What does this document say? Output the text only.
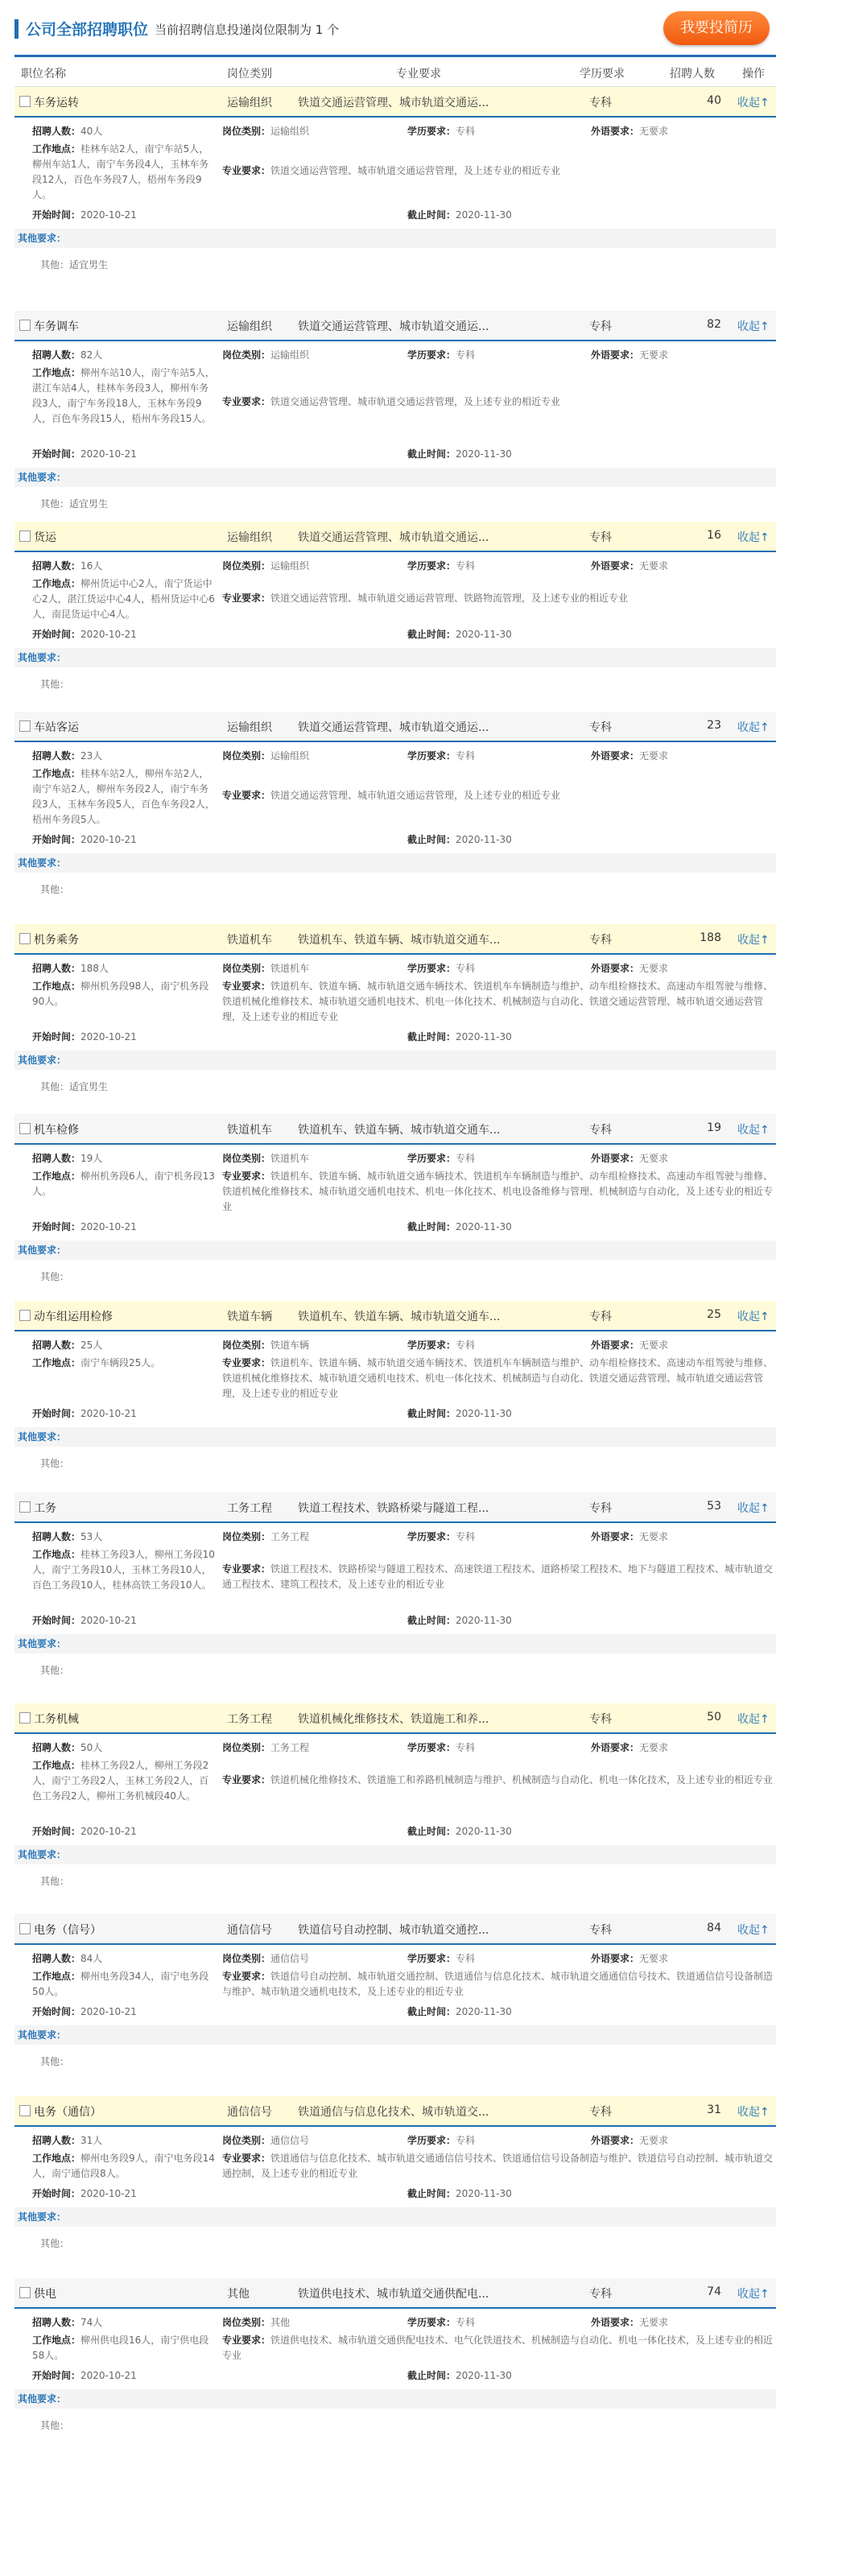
公司全部招聘职位 当前招聘信息投递岗位限制为 1 个	我要投简历
职位名称	岗位类别	专业要求	学历要求	招聘人数 操作
车务运转	运输组织 铁道交通运营管理、城市轨道交通运...	专科	40 收起↑
招聘人数：40人	岗位类别：运输组织	学历要求：专科	外语要求：无要求
工作地点：桂林车站2人，南宁车站5人，柳州车站1人，南宁车务段4人，玉林车务段12人，百色车务段7人，梧州车务段9人。
专业要求：铁道交通运营管理、城市轨道交通运营管理，及上述专业的相近专业
开始时间：2020-10-21	截止时间：2020-11-30
其他要求：
其他：适宜男生
车务调车	运输组织 铁道交通运营管理、城市轨道交通运...	专科	82 收起↑
招聘人数：82人	岗位类别：运输组织	学历要求：专科	外语要求：无要求
工作地点：柳州车站10人，南宁车站5人，湛江车站4人，桂林车务段3人，柳州车务段3人，南宁车务段18人，玉林车务段9人，百色车务段15人，梧州车务段15人。
专业要求：铁道交通运营管理、城市轨道交通运营管理，及上述专业的相近专业
开始时间：2020-10-21	截止时间：2020-11-30
其他要求：
其他：适宜男生
货运	运输组织 铁道交通运营管理、城市轨道交通运...	专科	16 收起↑
招聘人数：16人	岗位类别：运输组织	学历要求：专科	外语要求：无要求
工作地点：柳州货运中心2人，南宁货运中心2人，湛江货运中心4人，梧州货运中心6人，南昆货运中心4人。
专业要求：铁道交通运营管理、城市轨道交通运营管理、铁路物流管理，及上述专业的相近专业
开始时间：2020-10-21	截止时间：2020-11-30
其他要求：
其他：
车站客运	运输组织 铁道交通运营管理、城市轨道交通运...	专科	23 收起↑
招聘人数：23人	岗位类别：运输组织	学历要求：专科	外语要求：无要求
工作地点：桂林车站2人，柳州车站2人，南宁车站2人，柳州车务段2人，南宁车务段3人，玉林车务段5人，百色车务段2人，梧州车务段5人。
专业要求：铁道交通运营管理、城市轨道交通运营管理，及上述专业的相近专业
开始时间：2020-10-21	截止时间：2020-11-30
其他要求：
其他：
机务乘务	铁道机车 铁道机车、铁道车辆、城市轨道交通车...	专科	188 收起↑
招聘人数：188人	岗位类别：铁道机车	学历要求：专科	外语要求：无要求
工作地点：柳州机务段98人，南宁机务段90人。
专业要求：铁道机车、铁道车辆、城市轨道交通车辆技术、铁道机车车辆制造与维护、动车组检修技术、高速动车组驾驶与维修、铁道机械化维修技术、城市轨道交通机电技术、机电一体化技术、机械制造与自动化、铁道交通运营管理、城市轨道交通运营管理，及上述专业的相近专业
开始时间：2020-10-21	截止时间：2020-11-30
其他要求：
其他：适宜男生
机车检修	铁道机车 铁道机车、铁道车辆、城市轨道交通车...	专科	19 收起↑
招聘人数：19人	岗位类别：铁道机车	学历要求：专科	外语要求：无要求
工作地点：柳州机务段6人，南宁机务段13人。
专业要求：铁道机车、铁道车辆、城市轨道交通车辆技术、铁道机车车辆制造与维护、动车组检修技术、高速动车组驾驶与维修、铁道机械化维修技术、城市轨道交通机电技术、机电一体化技术、机电设备维修与管理、机械制造与自动化，及上述专业的相近专业
开始时间：2020-10-21	截止时间：2020-11-30
其他要求：
其他：
动车组运用检修	铁道车辆 铁道机车、铁道车辆、城市轨道交通车...	专科	25 收起↑
招聘人数：25人	岗位类别：铁道车辆	学历要求：专科	外语要求：无要求
工作地点：南宁车辆段25人。	专业要求：铁道机车、铁道车辆、城市轨道交通车辆技术、铁道机车车辆制造与维护、动车组检修技术、高速动车组驾驶与维修、铁道机械化维修技术、城市轨道交通机电技术、机电一体化技术、机械制造与自动化、铁道交通运营管理、城市轨道交通运营管理，及上述专业的相近专业
开始时间：2020-10-21	截止时间：2020-11-30
其他要求：
其他：
工务	工务工程 铁道工程技术、铁路桥梁与隧道工程...	专科	53 收起↑
招聘人数：53人	岗位类别：工务工程	学历要求：专科	外语要求：无要求
工作地点：桂林工务段3人，柳州工务段10人，南宁工务段10人，玉林工务段10人，百色工务段10人，桂林高铁工务段10人。
专业要求：铁道工程技术、铁路桥梁与隧道工程技术、高速铁道工程技术、道路桥梁工程技术、地下与隧道工程技术、城市轨道交通工程技术、建筑工程技术，及上述专业的相近专业
开始时间：2020-10-21	截止时间：2020-11-30
其他要求：
其他：
工务机械	工务工程 铁道机械化维修技术、铁道施工和养...	专科	50 收起↑
招聘人数：50人	岗位类别：工务工程	学历要求：专科	外语要求：无要求
工作地点：桂林工务段2人，柳州工务段2人，南宁工务段2人，玉林工务段2人，百色工务段2人，柳州工务机械段40人。
专业要求：铁道机械化维修技术、铁道施工和养路机械制造与维护、机械制造与自动化、机电一体化技术，及上述专业的相近专业
开始时间：2020-10-21	截止时间：2020-11-30
其他要求：
其他：
电务（信号）	通信信号 铁道信号自动控制、城市轨道交通控...	专科	84 收起↑
招聘人数：84人	岗位类别：通信信号	学历要求：专科	外语要求：无要求
工作地点：柳州电务段34人，南宁电务段50人。
专业要求：铁道信号自动控制、城市轨道交通控制、铁道通信与信息化技术、城市轨道交通通信信号技术、铁道通信信号设备制造与维护、城市轨道交通机电技术，及上述专业的相近专业
开始时间：2020-10-21	截止时间：2020-11-30
其他要求：
其他：
电务（通信）	通信信号 铁道通信与信息化技术、城市轨道交...	专科	31 收起↑
招聘人数：31人	岗位类别：通信信号	学历要求：专科	外语要求：无要求
工作地点：柳州电务段9人，南宁电务段14人，南宁通信段8人。
专业要求：铁道通信与信息化技术、城市轨道交通通信信号技术、铁道通信信号设备制造与维护、铁道信号自动控制、城市轨道交通控制，及上述专业的相近专业
开始时间：2020-10-21	截止时间：2020-11-30
其他要求：
其他：
供电	其他	铁道供电技术、城市轨道交通供配电...	专科	74 收起↑
招聘人数：74人	岗位类别：其他	学历要求：专科	外语要求：无要求
工作地点：柳州供电段16人，南宁供电段58人。
专业要求：铁道供电技术、城市轨道交通供配电技术、电气化铁道技术、机械制造与自动化、机电一体化技术，及上述专业的相近专业
开始时间：2020-10-21	截止时间：2020-11-30
其他要求：
其他：
